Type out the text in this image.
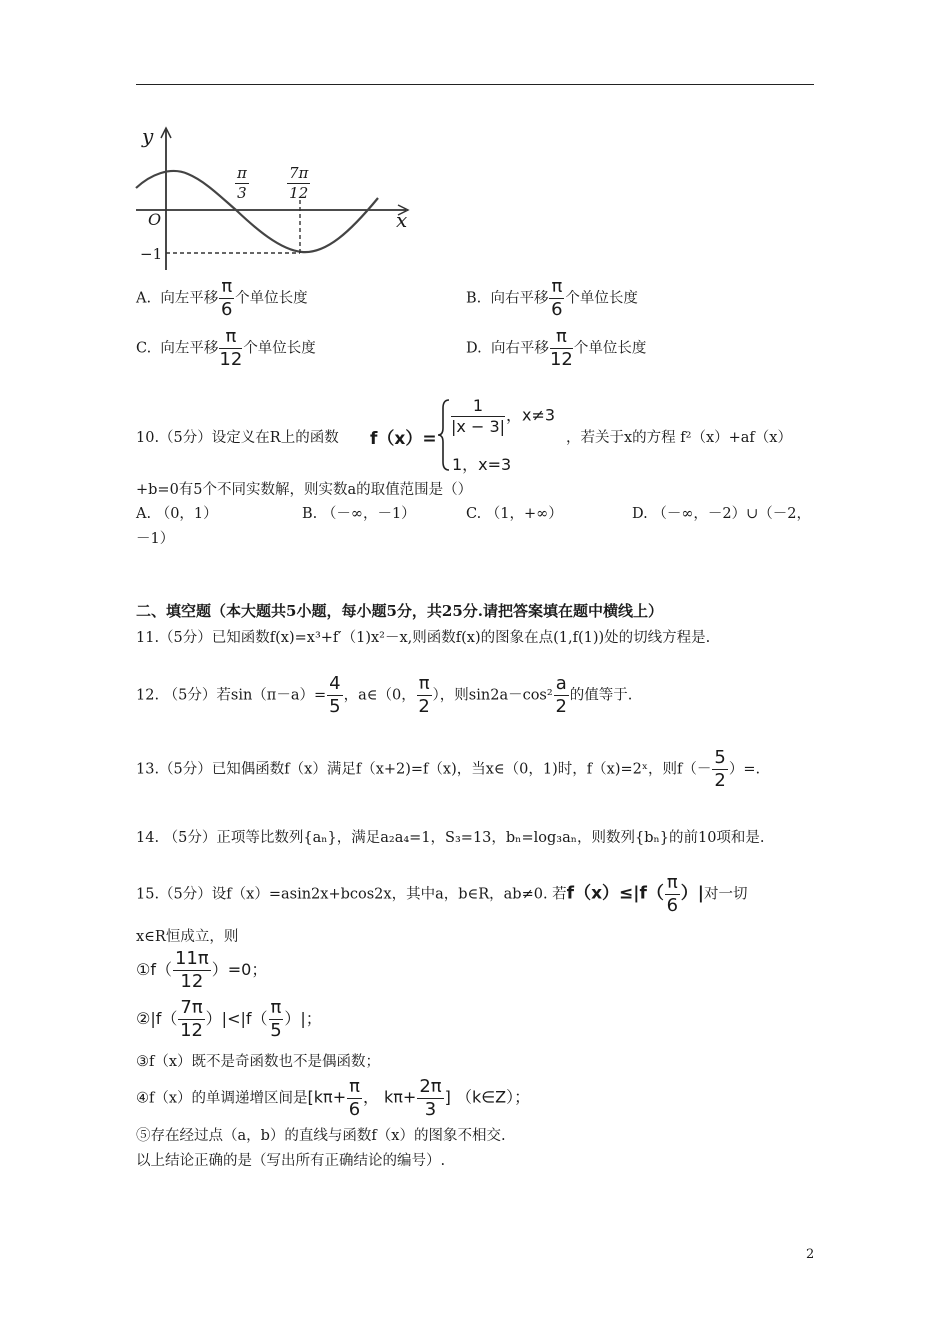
y
x
O
−1
$\frac{\pi}{3}$	$\frac{7\pi}{12}$
A. 向左平移 $\frac{\pi}{6}$ 个单位长度	B. 向右平移 $\frac{\pi}{6}$ 个单位长度
C. 向左平移 $\frac{\pi}{12}$ 个单位长度	D. 向右平移 $\frac{\pi}{12}$ 个单位长度
10.（5分）设定义在R上的函数 f（x）=
$\frac{1}{|x - 3|}$ ，x≠3
1，x=3
，若关于x的方程 f²（x）+af（x）
+b=0有5个不同实数解，则实数a的取值范围是（）
A. （0，1）	B. （－∞，－1）	C. （1，+∞）	D. （－∞，－2）∪（－2，
－1）
二、填空题（本大题共5小题，每小题5分，共25分.请把答案填在题中横线上）
11.（5分）已知函数f(x)=x³+f′（1)x²－x,则函数f(x)的图象在点(1,f(1))处的切线方程是.
12. （5分）若$\sin(\pi-a)= \frac{4}{5}$ ，a∈（0， $\frac{\pi}{2}$ ），则$\sin 2a-\cos^2 \frac{a}{2}$ 的值等于.
13.（5分）已知偶函数f（x）满足f（x+2)=f（x)，当x∈（0，1)时，f（x)=2ˣ，则$f(- \frac{5}{2}$ ）=.
14. （5分）正项等比数列{aₙ}，满足a₂a₄=1，S₃=13，bₙ=log₃aₙ，则数列{bₙ}的前10项和是.
15.（5分）设f（x）=asin2x+bcos2x，其中a，b∈R，ab≠0. 若$f(x)\le|f( \frac{\pi}{6}$ ）|对一切
x∈R恒成立，则
①f（ $\frac{11\pi}{12} )=0$；
②|f（ $\frac{7\pi}{12} )|<|f( \frac{\pi}{5}$ ）|；
③f（x）既不是奇函数也不是偶函数；
④f（x）的单调递增区间是[$k\pi+ \frac{\pi}{6}$ ， $k\pi+ \frac{2\pi}{3}$ ] （k∈Z）；
⑤存在经过点（a，b）的直线与函数f（x）的图象不相交.
以上结论正确的是（写出所有正确结论的编号）.
2
